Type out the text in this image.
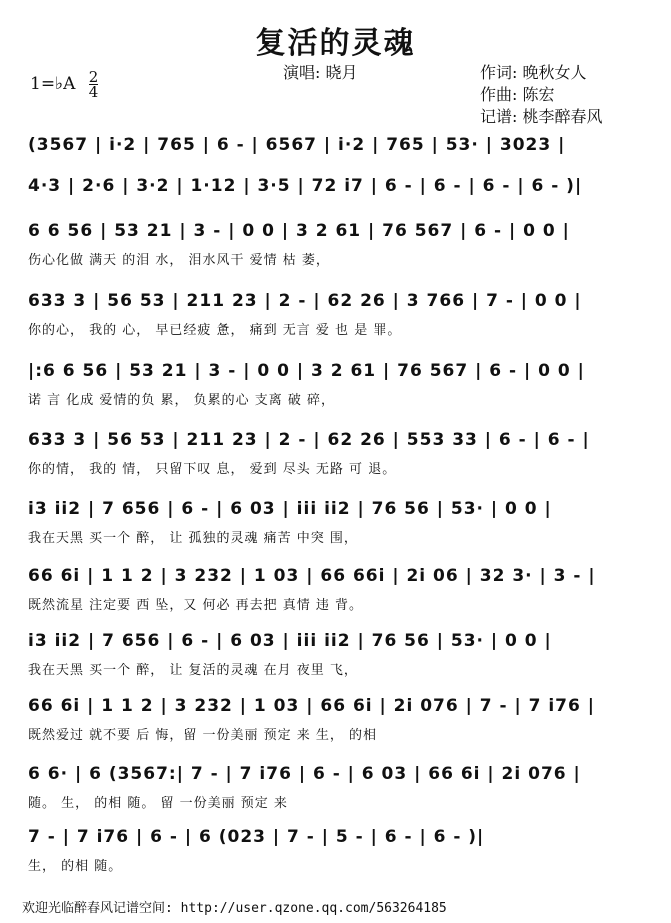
复活的灵魂
演唱: 晓月	作词: 晚秋女人
作曲: 陈宏
记谱: 桃李醉春风
1=♭A $\frac{2}{4}$
(3567 | i·2 | 765 | 6 - | 6567 | i·2 | 765 | 53· | 3023 |
4·3 | 2·6 | 3·2 | 1·12 | 3·5 | 72 i7 | 6 - | 6 - | 6 - | 6 - )|
6 6 56 | 53 21 | 3 - | 0 0 | 3 2 61 | 76 567 | 6 - | 0 0 |
伤心化做 满天 的泪 水， 泪水风干 爱情 枯 萎，
633 3 | 56 53 | 211 23 | 2 - | 62 26 | 3 766 | 7 - | 0 0 |
你的心， 我的 心， 早已经疲 惫， 痛到 无言 爱 也 是 罪。
|:6 6 56 | 53 21 | 3 - | 0 0 | 3 2 61 | 76 567 | 6 - | 0 0 |
诺 言 化成 爱情的负 累， 负累的心 支离 破 碎，
633 3 | 56 53 | 211 23 | 2 - | 62 26 | 553 33 | 6 - | 6 - |
你的情， 我的 情， 只留下叹 息， 爱到 尽头 无路 可 退。
i3 ii2 | 7 656 | 6 - | 6 03 | iii ii2 | 76 56 | 53· | 0 0 |
我在天黑 买一个 醉， 让 孤独的灵魂 痛苦 中突 围，
66 6i | 1 1 2 | 3 232 | 1 03 | 66 66i | 2i 06 | 32 3· | 3 - |
既然流星 注定要 西 坠，又 何必 再去把 真情 违 背。
i3 ii2 | 7 656 | 6 - | 6 03 | iii ii2 | 76 56 | 53· | 0 0 |
我在天黑 买一个 醉， 让 复活的灵魂 在月 夜里 飞，
66 6i | 1 1 2 | 3 232 | 1 03 | 66 6i | 2i 076 | 7 - | 7 i76 |
既然爱过 就不要 后 悔，留 一份美丽 预定 来 生， 的相
6 6· | 6 (3567:| 7 - | 7 i76 | 6 - | 6 03 | 66 6i | 2i 076 |
随。 生， 的相 随。 留 一份美丽 预定 来
7 - | 7 i76 | 6 - | 6 (023 | 7 - | 5 - | 6 - | 6 - )|
生， 的相 随。
欢迎光临醉春风记谱空间: http://user.qzone.qq.com/563264185
